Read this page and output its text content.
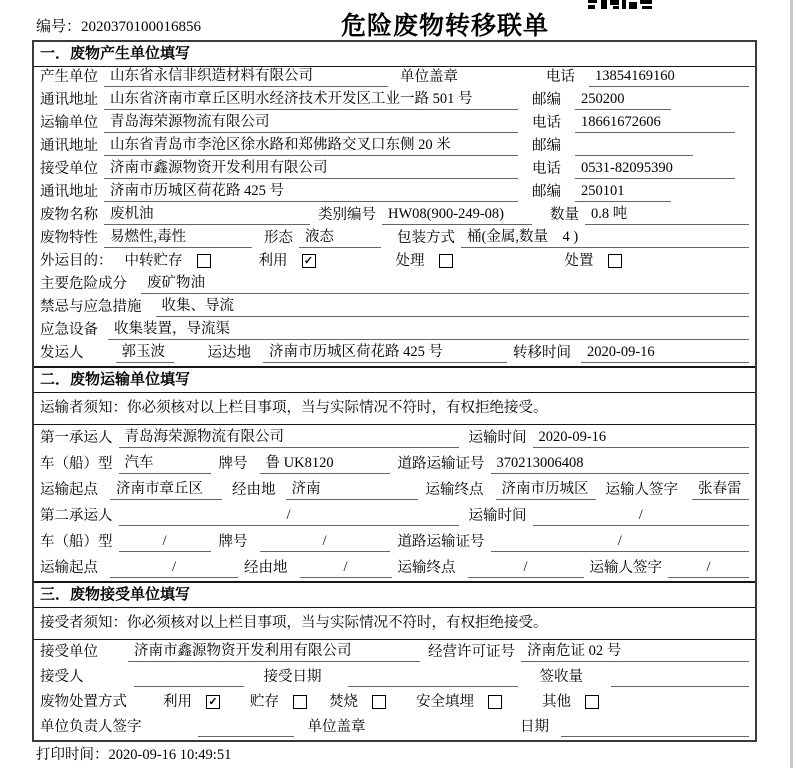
编号：2020370100016856	危险废物转移联单
一．废物产生单位填写
产生单位 山东省永信非织造材料有限公司	单位盖章	电话	13854169160
通讯地址 山东省济南市章丘区明水经济技术开发区工业一路 501 号	邮编	250200
运输单位 青岛海荣源物流有限公司	电话	18661672606
通讯地址 山东省青岛市李沧区徐水路和郑佛路交叉口东侧 20 米	邮编
接受单位 济南市鑫源物资开发利用有限公司	电话	0531-82095390
通讯地址 济南市历城区荷花路 425 号	邮编	250101
废物名称 废机油	类别编号 HW08(900-249-08)	数量 0.8 吨
废物特性 易燃性,毒性	形态 液态	包装方式 桶(金属,数量　4 )
外运目的： 中转贮存	利用 ✓	处理	处置
主要危险成分	废矿物油
禁忌与应急措施	收集、导流
应急设备	收集装置，导流渠
发运人	郭玉波	运达地	济南市历城区荷花路 425 号	转移时间	2020-09-16
二．废物运输单位填写
运输者须知：你必须核对以上栏目事项，当与实际情况不符时，有权拒绝接受。
第一承运人 青岛海荣源物流有限公司	运输时间 2020-09-16
车（船）型 汽车	牌号	鲁 UK8120	道路运输证号 370213006408
运输起点	济南市章丘区	经由地	济南	运输终点	济南市历城区	运输人签字	张春雷
第二承运人	/	运输时间	/
车（船）型	/	牌号	/	道路运输证号	/
运输起点	/	经由地	/	运输终点	/	运输人签字	/
三．废物接受单位填写
接受者须知：你必须核对以上栏目事项，当与实际情况不符时，有权拒绝接受。
接受单位	济南市鑫源物资开发利用有限公司	经营许可证号 济南危证 02 号
接受人	接受日期	签收量
废物处置方式 利用 ✓ 贮存	焚烧	安全填埋	其他
单位负责人签字	单位盖章	日期
打印时间：2020-09-16 10:49:51
